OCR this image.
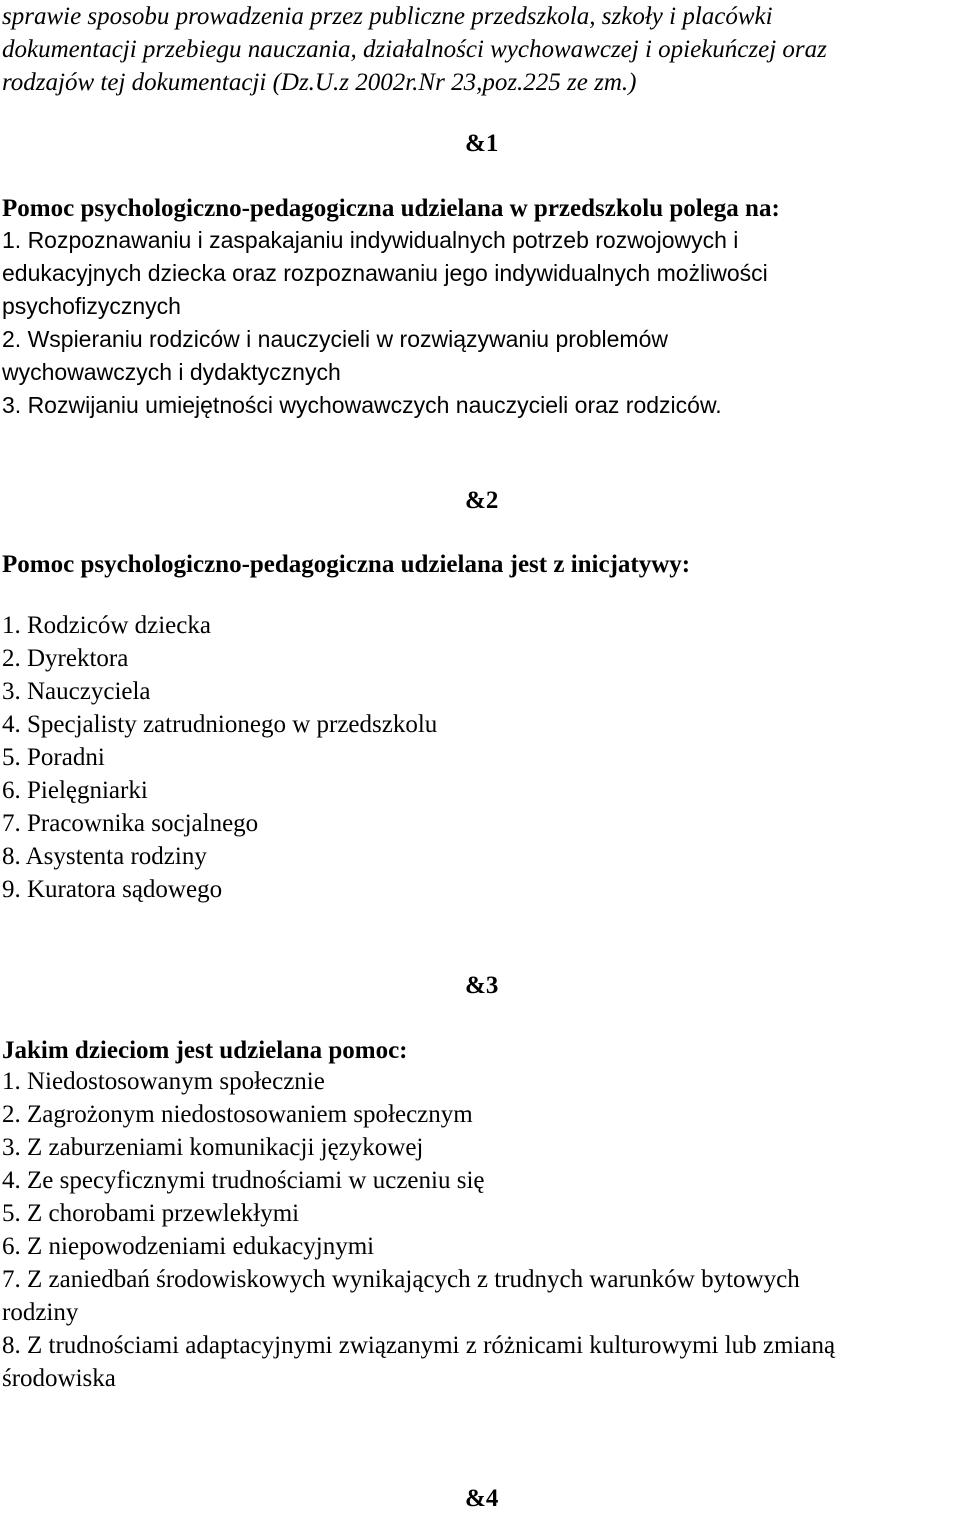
sprawie sposobu prowadzenia przez publiczne przedszkola, szkoły i placówki
dokumentacji przebiegu nauczania, działalności wychowawczej i opiekuńczej oraz
rodzajów tej dokumentacji (Dz.U.z 2002r.Nr 23,poz.225 ze zm.)
&1
Pomoc psychologiczno-pedagogiczna udzielana w przedszkolu polega na:
1. Rozpoznawaniu i zaspakajaniu indywidualnych potrzeb rozwojowych i
edukacyjnych dziecka oraz rozpoznawaniu jego indywidualnych możliwości
psychofizycznych
2. Wspieraniu rodziców i nauczycieli w rozwiązywaniu problemów
wychowawczych i dydaktycznych
3. Rozwijaniu umiejętności wychowawczych nauczycieli oraz rodziców.
&2
Pomoc psychologiczno-pedagogiczna udzielana jest z inicjatywy:
1. Rodziców dziecka
2. Dyrektora
3. Nauczyciela
4. Specjalisty zatrudnionego w przedszkolu
5. Poradni
6. Pielęgniarki
7. Pracownika socjalnego
8. Asystenta rodziny
9. Kuratora sądowego
&3
Jakim dzieciom jest udzielana pomoc:
1. Niedostosowanym społecznie
2. Zagrożonym niedostosowaniem społecznym
3. Z zaburzeniami komunikacji językowej
4. Ze specyficznymi trudnościami w uczeniu się
5. Z chorobami przewlekłymi
6. Z niepowodzeniami edukacyjnymi
7. Z zaniedbań środowiskowych wynikających z trudnych warunków bytowych
rodziny
8. Z trudnościami adaptacyjnymi związanymi z różnicami kulturowymi lub zmianą
środowiska
&4
